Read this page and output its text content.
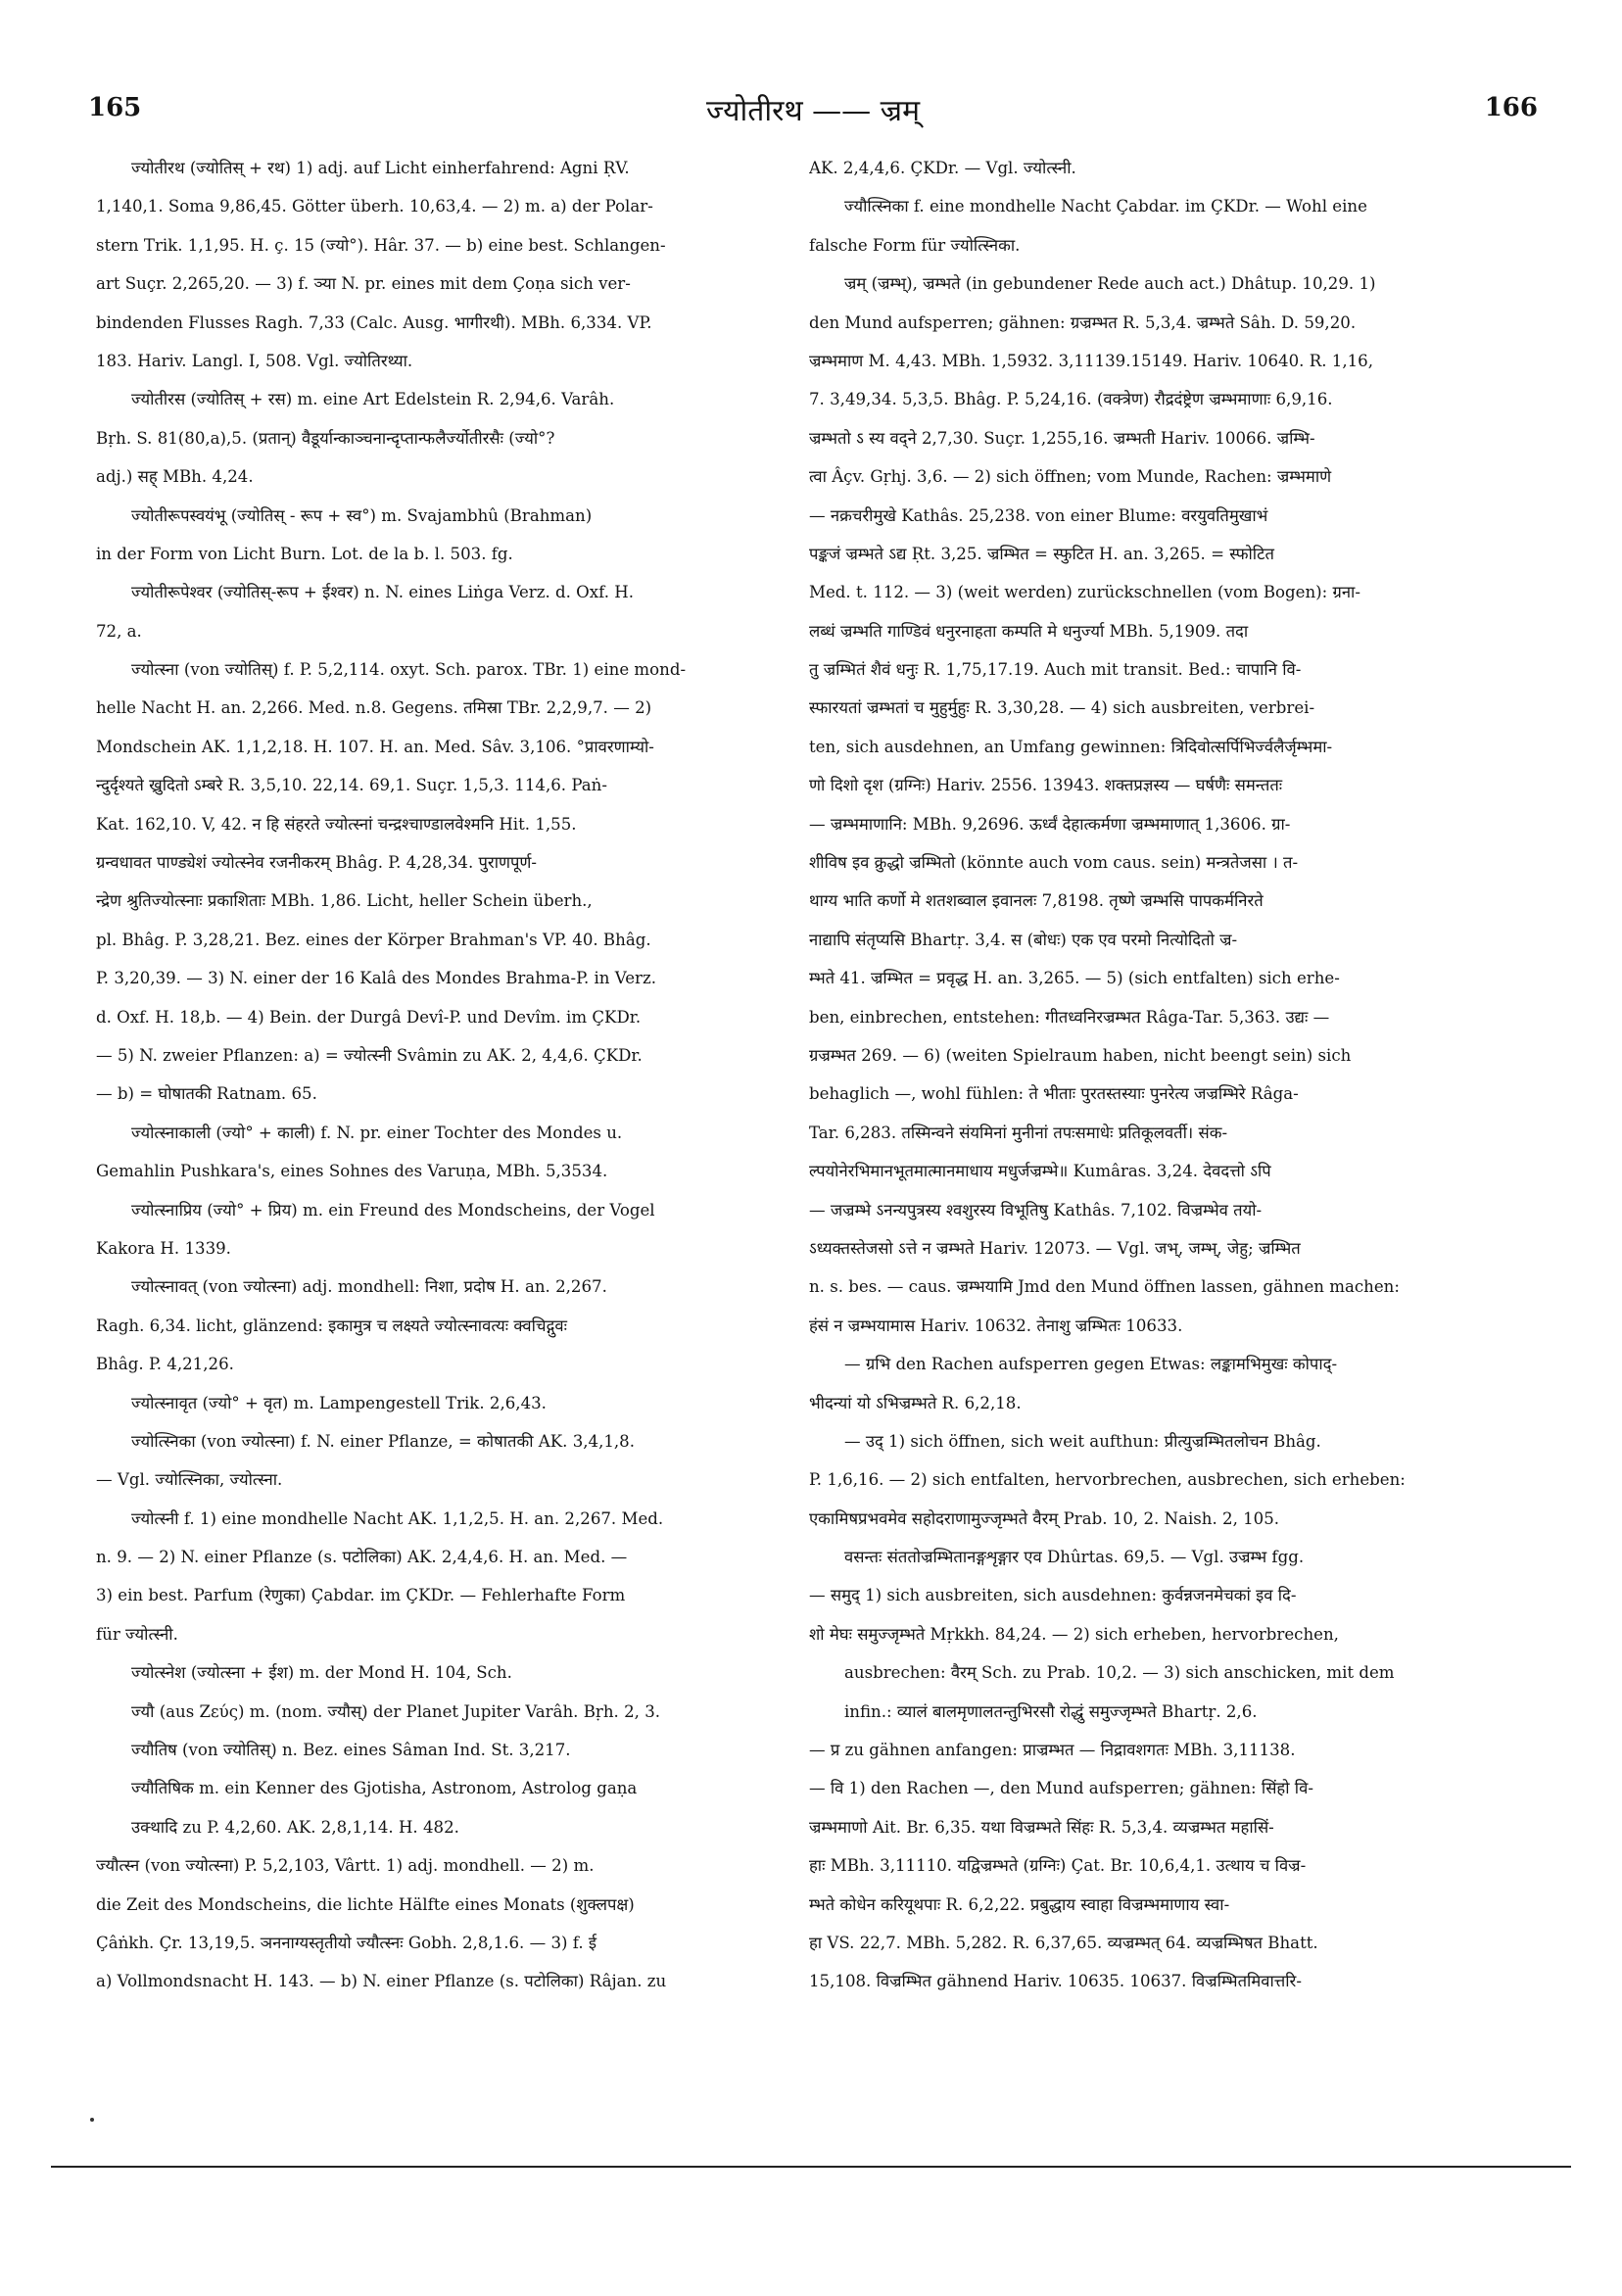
165	ज्योतीरथ —— ज्रम्	166
ज्योतीरथ (ज्योतिस् + रथ) 1) adj. auf Licht einherfahrend: Agni ṚV.
1,140,1. Soma 9,86,45. Götter überh. 10,63,4. — 2) m. a) der Polar-
stern Trik. 1,1,95. H. ç. 15 (ज्यो°). Hâr. 37. — b) eine best. Schlangen-
art Suçr. 2,265,20. — 3) f. ञ्या N. pr. eines mit dem Çoṇa sich ver-
bindenden Flusses Ragh. 7,33 (Calc. Ausg. भागीरथी). MBh. 6,334. VP.
183. Hariv. Langl. I, 508. Vgl. ज्योतिरथ्या.
ज्योतीरस (ज्योतिस् + रस) m. eine Art Edelstein R. 2,94,6. Varâh.
Bṛh. S. 81(80,a),5. (प्रतान्) वैडूर्यान्काञ्चनान्दृप्तान्फलैर्ज्योतीरसैः (ज्यो°?
adj.) सह् MBh. 4,24.
ज्योतीरूपस्वयंभू (ज्योतिस् - रूप + स्व°) m. Svajambhû (Brahman)
in der Form von Licht Burn. Lot. de la b. l. 503. fg.
ज्योतीरूपेश्वर (ज्योतिस्-रूप + ईश्वर) n. N. eines Liṅga Verz. d. Oxf. H.
72, a.
ज्योत्स्ना (von ज्योतिस्) f. P. 5,2,114. oxyt. Sch. parox. TBr. 1) eine mond-
helle Nacht H. an. 2,266. Med. n.8. Gegens. तमिस्रा TBr. 2,2,9,7. — 2)
Mondschein AK. 1,1,2,18. H. 107. H. an. Med. Sâv. 3,106. °प्रावरणाम्यो-
न्दुर्दृश्यते ख्रुदितो ऽम्बरे R. 3,5,10. 22,14. 69,1. Suçr. 1,5,3. 114,6. Paṅ-
Kat. 162,10. V, 42. न हि संहरते ज्योत्स्नां चन्द्रश्चाण्डालवेश्मनि Hit. 1,55.
ग्रन्वधावत पाण्ड्येशं ज्योत्स्नेव रजनीकरम् Bhâg. P. 4,28,34. पुराणपूर्ण-
न्द्रेण श्रुतिज्योत्स्नाः प्रकाशिताः MBh. 1,86. Licht, heller Schein überh.,
pl. Bhâg. P. 3,28,21. Bez. eines der Körper Brahman's VP. 40. Bhâg.
P. 3,20,39. — 3) N. einer der 16 Kalâ des Mondes Brahma-P. in Verz.
d. Oxf. H. 18,b. — 4) Bein. der Durgâ Devî-P. und Devîm. im ÇKDr.
— 5) N. zweier Pflanzen: a) = ज्योत्स्नी Svâmin zu AK. 2, 4,4,6. ÇKDr.
— b) = घोषातकी Ratnam. 65.
ज्योत्स्नाकाली (ज्यो° + काली) f. N. pr. einer Tochter des Mondes u.
Gemahlin Pushkara's, eines Sohnes des Varuṇa, MBh. 5,3534.
ज्योत्स्नाप्रिय (ज्यो° + प्रिय) m. ein Freund des Mondscheins, der Vogel
Kakora H. 1339.
ज्योत्स्नावत् (von ज्योत्स्ना) adj. mondhell: निशा, प्रदोष H. an. 2,267.
Ragh. 6,34. licht, glänzend: इकामुत्र च लक्ष्यते ज्योत्स्नावत्यः क्वचिद्गुवः
Bhâg. P. 4,21,26.
ज्योत्स्नावृत (ज्यो° + वृत) m. Lampengestell Trik. 2,6,43.
ज्योत्स्निका (von ज्योत्स्ना) f. N. einer Pflanze, = कोषातकी AK. 3,4,1,8.
— Vgl. ज्योत्स्निका, ज्योत्स्ना.
ज्योत्स्नी f. 1) eine mondhelle Nacht AK. 1,1,2,5. H. an. 2,267. Med.
n. 9. — 2) N. einer Pflanze (s. पटोलिका) AK. 2,4,4,6. H. an. Med. —
3) ein best. Parfum (रेणुका) Çabdar. im ÇKDr. — Fehlerhafte Form
für ज्योत्स्नी.
ज्योत्स्नेश (ज्योत्स्ना + ईश) m. der Mond H. 104, Sch.
ज्यौ (aus Ζεύς) m. (nom. ज्यौस्) der Planet Jupiter Varâh. Bṛh. 2, 3.
ज्यौतिष (von ज्योतिस्) n. Bez. eines Sâman Ind. St. 3,217.
ज्यौतिषिक m. ein Kenner des Gjotisha, Astronom, Astrolog gaṇa
उक्थादि zu P. 4,2,60. AK. 2,8,1,14. H. 482.
ज्यौत्स्न (von ज्योत्स्ना) P. 5,2,103, Vârtt. 1) adj. mondhell. — 2) m.
die Zeit des Mondscheins, die lichte Hälfte eines Monats (शुक्लपक्ष)
Çâṅkh. Çr. 13,19,5. ञननाग्यस्तृतीयो ज्यौत्स्नः Gobh. 2,8,1.6. — 3) f. ई
a) Vollmondsnacht H. 143. — b) N. einer Pflanze (s. पटोलिका) Râjan. zu
AK. 2,4,4,6. ÇKDr. — Vgl. ज्योत्स्नी.
ज्यौत्स्निका f. eine mondhelle Nacht Çabdar. im ÇKDr. — Wohl eine
falsche Form für ज्योत्स्निका.
ज्रम् (ज्रम्भ्), ज्रम्भते (in gebundener Rede auch act.) Dhâtup. 10,29. 1)
den Mund aufsperren; gähnen: ग्रज्रम्भत R. 5,3,4. ज्रम्भते Sâh. D. 59,20.
ज्रम्भमाण M. 4,43. MBh. 1,5932. 3,11139.15149. Hariv. 10640. R. 1,16,
7. 3,49,34. 5,3,5. Bhâg. P. 5,24,16. (वक्त्रेण) रौद्रदंष्ट्रेण ज्रम्भमाणाः 6,9,16.
ज्रम्भतो ऽ स्य वद्ने 2,7,30. Suçr. 1,255,16. ज्रम्भती Hariv. 10066. ज्रम्भि-
त्वा Âçv. Gṛhj. 3,6. — 2) sich öffnen; vom Munde, Rachen: ज्रम्भमाणे
— नक्रचरीमुखे Kathâs. 25,238. von einer Blume: वरयुवतिमुखाभं
पङ्कजं ज्रम्भते ऽद्य Ṛt. 3,25. ज्रम्भित = स्फुटित H. an. 3,265. = स्फोटित
Med. t. 112. — 3) (weit werden) zurückschnellen (vom Bogen): ग्रना-
लब्धं ज्रम्भति गाण्डिवं धनुरनाहता कम्पति मे धनुर्ज्या MBh. 5,1909. तदा
तु ज्रम्भितं शैवं धनुः R. 1,75,17.19. Auch mit transit. Bed.: चापानि वि-
स्फारयतां ज्रम्भतां च मुहुर्मुहुः R. 3,30,28. — 4) sich ausbreiten, verbrei-
ten, sich ausdehnen, an Umfang gewinnen: त्रिदिवोत्सर्पिभिर्ज्वलैर्जृम्भमा-
णो दिशो दृश (ग्रग्निः) Hariv. 2556. 13943. शक्तप्रज्ञस्य — घर्षणैः समन्ततः
— ज्रम्भमाणानि: MBh. 9,2696. ऊर्ध्वं देहात्कर्मणा ज्रम्भमाणात् 1,3606. ग्रा-
शीविष इव क्रुद्धो ज्रम्भितो (könnte auch vom caus. sein) मन्त्रतेजसा । त-
थाग्य भाति कर्णो मे शतशब्वाल इवानलः 7,8198. तृष्णे ज्रम्भसि पापकर्मनिरते
नाद्यापि संतृप्यसि Bhartṛ. 3,4. स (बोधः) एक एव परमो नित्योदितो ज्र-
म्भते 41. ज्रम्भित = प्रवृद्ध H. an. 3,265. — 5) (sich entfalten) sich erhe-
ben, einbrechen, entstehen: गीतध्वनिरज्रम्भत Râga-Tar. 5,363. उद्यः —
ग्रज्रम्भत 269. — 6) (weiten Spielraum haben, nicht beengt sein) sich
behaglich —, wohl fühlen: ते भीताः पुरतस्तस्याः पुनरेत्य जज्रम्भिरे Râga-
Tar. 6,283. तस्मिन्वने संयमिनां मुनीनां तपःसमाधेः प्रतिकूलवर्ती। संक-
ल्पयोनेरभिमानभूतमात्मानमाधाय मधुर्जज्रम्भे॥ Kumâras. 3,24. देवदत्तो ऽपि
— जज्रम्भे ऽनन्यपुत्रस्य श्वशुरस्य विभूतिषु Kathâs. 7,102. विज्रम्भेव तयो-
ऽध्यक्तस्तेजसो ऽत्ते न ज्रम्भते Hariv. 12073. — Vgl. जभ्, जम्भ्, जेहु; ज्रम्भित
n. s. bes. — caus. ज्रम्भयामि Jmd den Mund öffnen lassen, gähnen machen:
हंसं न ज्रम्भयामास Hariv. 10632. तेनाशु ज्रम्भितः 10633.
— ग्रभि den Rachen aufsperren gegen Etwas: लङ्कामभिमुखः कोपाद्-
भीदन्यां यो ऽभिज्रम्भते R. 6,2,18.
— उद् 1) sich öffnen, sich weit aufthun: प्रीत्युज्रम्भितलोचन Bhâg.
P. 1,6,16. — 2) sich entfalten, hervorbrechen, ausbrechen, sich erheben:
एकामिषप्रभवमेव सहोदराणामुज्जृम्भते वैरम् Prab. 10, 2. Naish. 2, 105.
वसन्तः संततोज्रम्भितानङ्गशृङ्गार एव Dhûrtas. 69,5. — Vgl. उज्रम्भ fgg.
— समुद् 1) sich ausbreiten, sich ausdehnen: कुर्वन्नजनमेचकां इव दि-
शो मेघः समुज्जृम्भते Mṛkkh. 84,24. — 2) sich erheben, hervorbrechen,
ausbrechen: वैरम् Sch. zu Prab. 10,2. — 3) sich anschicken, mit dem
infin.: व्यालं बालमृणालतन्तुभिरसौ रोद्धुं समुज्जृम्भते Bhartṛ. 2,6.
— प्र zu gähnen anfangen: प्राज्रम्भत — निद्रावशगतः MBh. 3,11138.
— वि 1) den Rachen —, den Mund aufsperren; gähnen: सिंहो वि-
ज्रम्भमाणो Ait. Br. 6,35. यथा विज्रम्भते सिंहः R. 5,3,4. व्यज्रम्भत महासिं-
हाः MBh. 3,11110. यद्विज्रम्भते (ग्रग्निः) Çat. Br. 10,6,4,1. उत्थाय च विज्र-
म्भते कोधेन करियूथपाः R. 6,2,22. प्रबुद्धाय स्वाहा विज्रम्भमाणाय स्वा-
हा VS. 22,7. MBh. 5,282. R. 6,37,65. व्यज्रम्भत् 64. व्यज्रम्भिषत Bhatt.
15,108. विज्रम्भित gähnend Hariv. 10635. 10637. विज्रम्भितमिवात्तरि-
